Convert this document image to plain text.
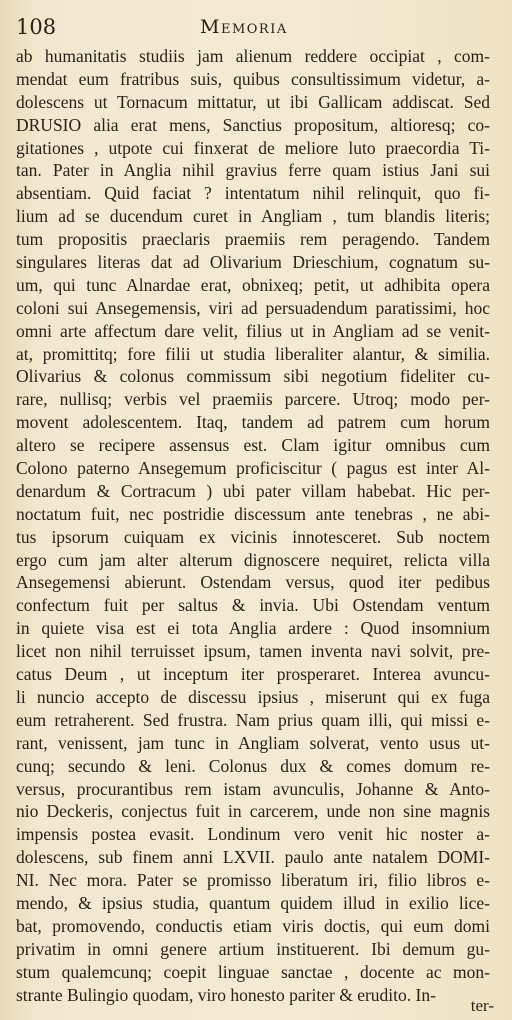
108	Memoria
ab humanitatis studiis jam alienum reddere occipiat , com-
mendat eum fratribus suis, quibus consultissimum videtur, a-
dolescens ut Tornacum mittatur, ut ibi Gallicam addiscat. Sed
DRUSIO alia erat mens, Sanctius propositum, altioresq; co-
gitationes , utpote cui finxerat de meliore luto praecordia Ti-
tan. Pater in Anglia nihil gravius ferre quam istius Jani sui
absentiam. Quid faciat ? intentatum nihil relinquit, quo fi-
lium ad se ducendum curet in Angliam , tum blandis literis;
tum propositis praeclaris praemiis rem peragendo. Tandem
singulares literas dat ad Olivarium Drieschium, cognatum su-
um, qui tunc Alnardae erat, obnixeq; petit, ut adhibita opera
coloni sui Ansegemensis, viri ad persuadendum paratissimi, hoc
omni arte affectum dare velit, filius ut in Angliam ad se venit-
at, promittitq; fore filii ut studia liberaliter alantur, & similia.
Olivarius & colonus commissum sibi negotium fideliter cu-
rare, nullisq; verbis vel praemiis parcere. Utroq; modo per-
movent adolescentem. Itaq, tandem ad patrem cum horum
altero se recipere assensus est. Clam igitur omnibus cum
Colono paterno Ansegemum proficiscitur ( pagus est inter Al-
denardum & Cortracum ) ubi pater villam habebat. Hic per-
noctatum fuit, nec postridie discessum ante tenebras , ne abi-
tus ipsorum cuiquam ex vicinis innotesceret. Sub noctem
ergo cum jam alter alterum dignoscere nequiret, relicta villa
Ansegemensi abierunt. Ostendam versus, quod iter pedibus
confectum fuit per saltus & invia. Ubi Ostendam ventum
in quiete visa est ei tota Anglia ardere : Quod insomnium
licet non nihil terruisset ipsum, tamen inventa navi solvit, pre-
catus Deum , ut inceptum iter prosperaret. Interea avuncu-
li nuncio accepto de discessu ipsius , miserunt qui ex fuga
eum retraherent. Sed frustra. Nam prius quam illi, qui missi e-
rant, venissent, jam tunc in Angliam solverat, vento usus ut-
cunq; secundo & leni. Colonus dux & comes domum re-
versus, procurantibus rem istam avunculis, Johanne & Anto-
nio Deckeris, conjectus fuit in carcerem, unde non sine magnis
impensis postea evasit. Londinum vero venit hic noster a-
dolescens, sub finem anni LXVII. paulo ante natalem DOMI-
NI. Nec mora. Pater se promisso liberatum iri, filio libros e-
mendo, & ipsius studia, quantum quidem illud in exilio lice-
bat, promovendo, conductis etiam viris doctis, qui eum domi
privatim in omni genere artium instituerent. Ibi demum gu-
stum qualemcunq; coepit linguae sanctae , docente ac mon-
strante Bulingio quodam, viro honesto pariter & erudito. In-
ter-
